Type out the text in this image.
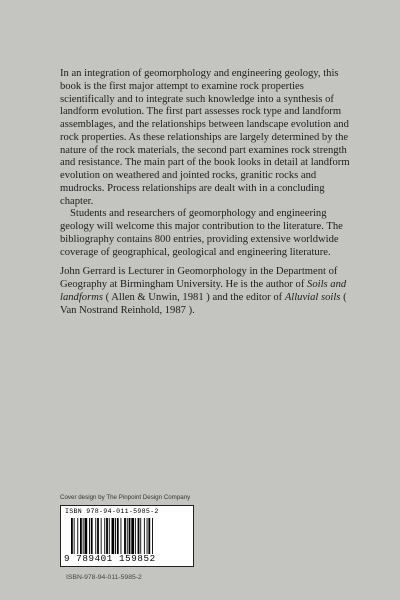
In an integration of geomorphology and engineering geology, this book is the first major attempt to examine rock properties scientifically and to integrate such knowledge into a synthesis of landform evolution. The first part assesses rock type and landform assemblages, and the relationships between landscape evolution and rock properties. As these relationships are largely determined by the nature of the rock materials, the second part examines rock strength and resistance. The main part of the book looks in detail at landform evolution on weathered and jointed rocks, granitic rocks and mudrocks. Process relationships are dealt with in a concluding chapter.

Students and researchers of geomorphology and engineering geology will welcome this major contribution to the literature. The bibliography contains 800 entries, providing extensive worldwide coverage of geographical, geological and engineering literature.

John Gerrard is Lecturer in Geomorphology in the Department of Geography at Birmingham University. He is the author of Soils and landforms ( Allen & Unwin, 1981 ) and the editor of Alluvial soils ( Van Nostrand Reinhold, 1987 ).

Cover design by The Pinpoint Design Company
ISBN 978-94-011-5985-2
9 789401 159852
ISBN-978-94-011-5985-2
